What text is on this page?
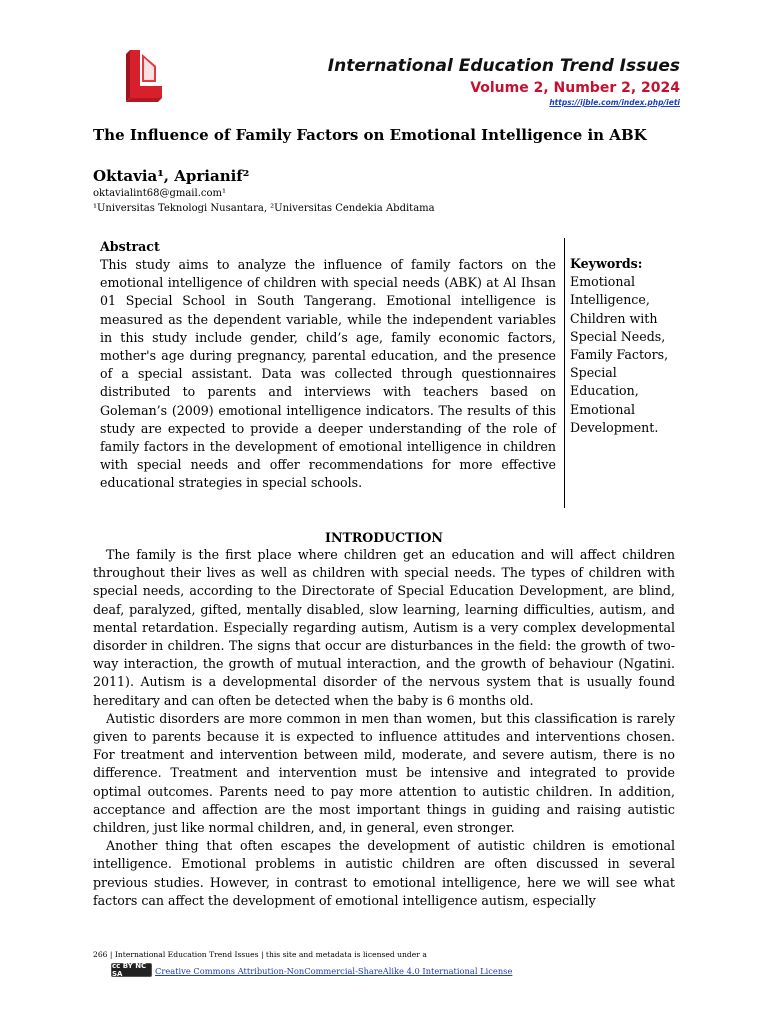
International Education Trend Issues
Volume 2, Number 2, 2024
https://ijble.com/index.php/ieti
The Influence of Family Factors on Emotional Intelligence in ABK
Oktavia¹, Aprianif²
oktavialint68@gmail.com¹
¹Universitas Teknologi Nusantara, ²Universitas Cendekia Abditama
Abstract
This study aims to analyze the influence of family factors on the emotional intelligence of children with special needs (ABK) at Al Ihsan 01 Special School in South Tangerang. Emotional intelligence is measured as the dependent variable, while the independent variables in this study include gender, child’s age, family economic factors, mother's age during pregnancy, parental education, and the presence of a special assistant. Data was collected through questionnaires distributed to parents and interviews with teachers based on Goleman’s (2009) emotional intelligence indicators. The results of this study are expected to provide a deeper understanding of the role of family factors in the development of emotional intelligence in children with special needs and offer recommendations for more effective educational strategies in special schools.
Keywords:
Emotional Intelligence, Children with Special Needs, Family Factors, Special Education, Emotional Development.
INTRODUCTION

The family is the first place where children get an education and will affect children throughout their lives as well as children with special needs. The types of children with special needs, according to the Directorate of Special Education Development, are blind, deaf, paralyzed, gifted, mentally disabled, slow learning, learning difficulties, autism, and mental retardation. Especially regarding autism, Autism is a very complex developmental disorder in children. The signs that occur are disturbances in the field: the growth of two-way interaction, the growth of mutual interaction, and the growth of behaviour (Ngatini. 2011). Autism is a developmental disorder of the nervous system that is usually found hereditary and can often be detected when the baby is 6 months old.

Autistic disorders are more common in men than women, but this classification is rarely given to parents because it is expected to influence attitudes and interventions chosen. For treatment and intervention between mild, moderate, and severe autism, there is no difference. Treatment and intervention must be intensive and integrated to provide optimal outcomes. Parents need to pay more attention to autistic children. In addition, acceptance and affection are the most important things in guiding and raising autistic children, just like normal children, and, in general, even stronger.

Another thing that often escapes the development of autistic children is emotional intelligence. Emotional problems in autistic children are often discussed in several previous studies. However, in contrast to emotional intelligence, here we will see what factors can affect the development of emotional intelligence autism, especially

266 | International Education Trend Issues | this site and metadata is licensed under a
cc BY NC SA	Creative Commons Attribution-NonCommercial-ShareAlike 4.0 International License
